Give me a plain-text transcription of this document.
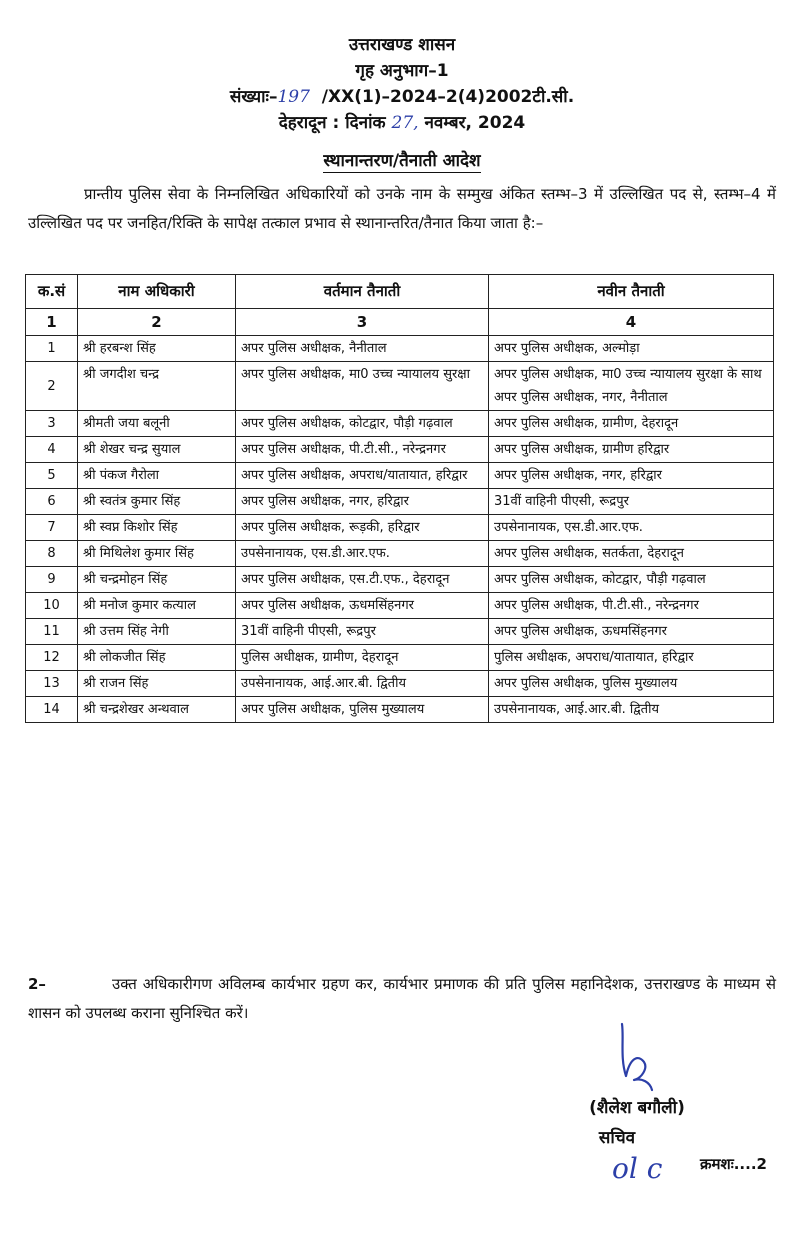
उत्तराखण्ड शासन
गृह अनुभाग–1
संख्याः–197 /XX(1)–2024–2(4)2002टी.सी.
देहरादून : दिनांक 27, नवम्बर, 2024
स्थानान्तरण/तैनाती आदेश
प्रान्तीय पुलिस सेवा के निम्नलिखित अधिकारियों को उनके नाम के सम्मुख अंकित स्तम्भ–3 में उल्लिखित पद से, स्तम्भ–4 में उल्लिखित पद पर जनहित/रिक्ति के सापेक्ष तत्काल प्रभाव से स्थानान्तरित/तैनात किया जाता है:–
क.सं	नाम अधिकारी	वर्तमान तैनाती	नवीन तैनाती
1	2	3	4
1	श्री हरबन्श सिंह	अपर पुलिस अधीक्षक, नैनीताल	अपर पुलिस अधीक्षक, अल्मोड़ा
2	श्री जगदीश चन्द्र	अपर पुलिस अधीक्षक, मा0 उच्च न्यायालय सुरक्षा	अपर पुलिस अधीक्षक, मा0 उच्च न्यायालय सुरक्षा के साथ अपर पुलिस अधीक्षक, नगर, नैनीताल
3	श्रीमती जया बलूनी	अपर पुलिस अधीक्षक, कोटद्वार, पौड़ी गढ़वाल	अपर पुलिस अधीक्षक, ग्रामीण, देहरादून
4	श्री शेखर चन्द्र सुयाल	अपर पुलिस अधीक्षक, पी.टी.सी., नरेन्द्रनगर	अपर पुलिस अधीक्षक, ग्रामीण हरिद्वार
5	श्री पंकज गैरोला	अपर पुलिस अधीक्षक, अपराध/यातायात, हरिद्वार	अपर पुलिस अधीक्षक, नगर, हरिद्वार
6	श्री स्वतंत्र कुमार सिंह	अपर पुलिस अधीक्षक, नगर, हरिद्वार	31वीं वाहिनी पीएसी, रूद्रपुर
7	श्री स्वप्न किशोर सिंह	अपर पुलिस अधीक्षक, रूड़की, हरिद्वार	उपसेनानायक, एस.डी.आर.एफ.
8	श्री मिथिलेश कुमार सिंह	उपसेनानायक, एस.डी.आर.एफ.	अपर पुलिस अधीक्षक, सतर्कता, देहरादून
9	श्री चन्द्रमोहन सिंह	अपर पुलिस अधीक्षक, एस.टी.एफ., देहरादून	अपर पुलिस अधीक्षक, कोटद्वार, पौड़ी गढ़वाल
10	श्री मनोज कुमार कत्याल	अपर पुलिस अधीक्षक, ऊधमसिंहनगर	अपर पुलिस अधीक्षक, पी.टी.सी., नरेन्द्रनगर
11	श्री उत्तम सिंह नेगी	31वीं वाहिनी पीएसी, रूद्रपुर	अपर पुलिस अधीक्षक, ऊधमसिंहनगर
12	श्री लोकजीत सिंह	पुलिस अधीक्षक, ग्रामीण, देहरादून	पुलिस अधीक्षक, अपराध/यातायात, हरिद्वार
13	श्री राजन सिंह	उपसेनानायक, आई.आर.बी. द्वितीय	अपर पुलिस अधीक्षक, पुलिस मुख्यालय
14	श्री चन्द्रशेखर अन्थवाल	अपर पुलिस अधीक्षक, पुलिस मुख्यालय	उपसेनानायक, आई.आर.बी. द्वितीय
2–	उक्त अधिकारीगण अविलम्ब कार्यभार ग्रहण कर, कार्यभार प्रमाणक की प्रति पुलिस महानिदेशक, उत्तराखण्ड के माध्यम से शासन को उपलब्ध कराना सुनिश्चित करें।
(शैलेश बगौली)
सचिव
ol c	क्रमशः....2
